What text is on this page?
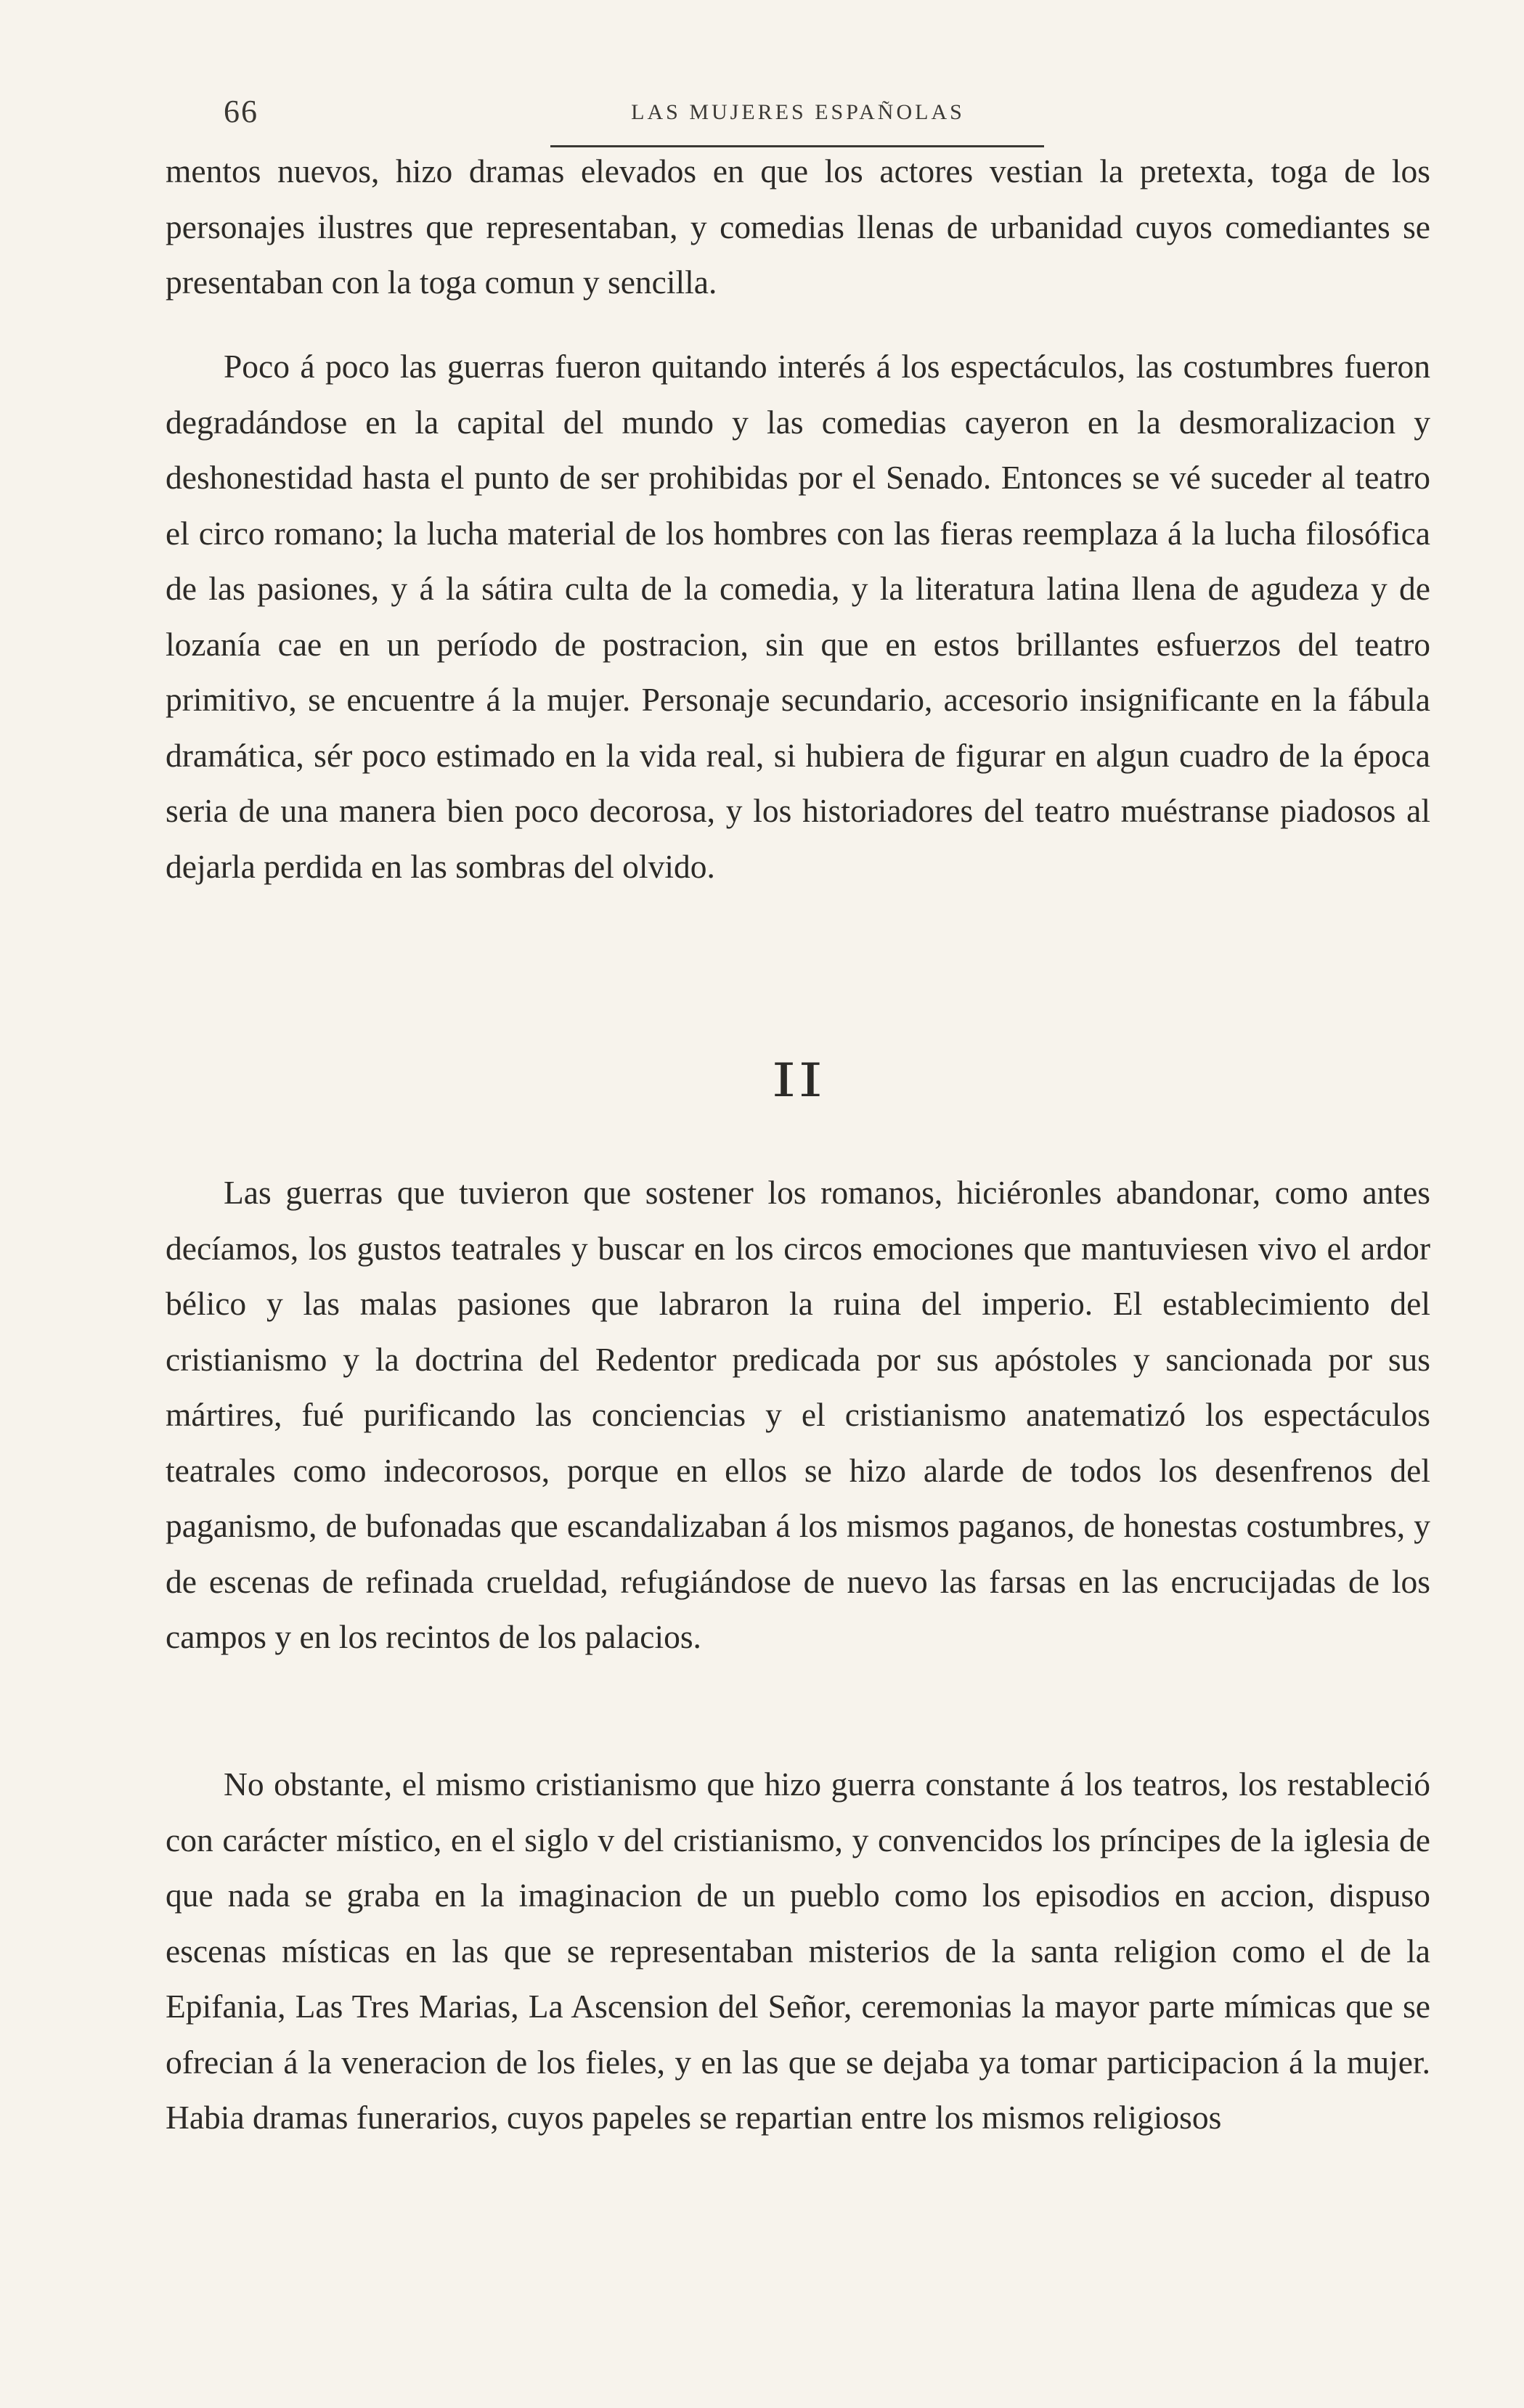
66	LAS MUJERES ESPAÑOLAS

mentos nuevos, hizo dramas elevados en que los actores vestian la pretexta, toga de los personajes ilustres que representaban, y comedias llenas de urbanidad cuyos comediantes se presentaban con la toga comun y sencilla.

Poco á poco las guerras fueron quitando interés á los espectáculos, las costumbres fueron degradándose en la capital del mundo y las comedias cayeron en la desmoralizacion y deshonestidad hasta el punto de ser prohibidas por el Senado. Entonces se vé suceder al teatro el circo romano; la lucha material de los hombres con las fieras reemplaza á la lucha filosófica de las pasiones, y á la sátira culta de la comedia, y la literatura latina llena de agudeza y de lozanía cae en un período de postracion, sin que en estos brillantes esfuerzos del teatro primitivo, se encuentre á la mujer. Personaje secundario, accesorio insignificante en la fábula dramática, sér poco estimado en la vida real, si hubiera de figurar en algun cuadro de la época seria de una manera bien poco decorosa, y los historiadores del teatro muéstranse piadosos al dejarla perdida en las sombras del olvido.

II

Las guerras que tuvieron que sostener los romanos, hiciéronles abandonar, como antes decíamos, los gustos teatrales y buscar en los circos emociones que mantuviesen vivo el ardor bélico y las malas pasiones que labraron la ruina del imperio. El establecimiento del cristianismo y la doctrina del Redentor predicada por sus apóstoles y sancionada por sus mártires, fué purificando las conciencias y el cristianismo anatematizó los espectáculos teatrales como indecorosos, porque en ellos se hizo alarde de todos los desenfrenos del paganismo, de bufonadas que escandalizaban á los mismos paganos, de honestas costumbres, y de escenas de refinada crueldad, refugiándose de nuevo las farsas en las encrucijadas de los campos y en los recintos de los palacios.

No obstante, el mismo cristianismo que hizo guerra constante á los teatros, los restableció con carácter místico, en el siglo v del cristianismo, y convencidos los príncipes de la iglesia de que nada se graba en la imaginacion de un pueblo como los episodios en accion, dispuso escenas místicas en las que se representaban misterios de la santa religion como el de la Epifania, Las Tres Marias, La Ascension del Señor, ceremonias la mayor parte mímicas que se ofrecian á la veneracion de los fieles, y en las que se dejaba ya tomar participacion á la mujer. Habia dramas funerarios, cuyos papeles se repartian entre los mismos religiosos
